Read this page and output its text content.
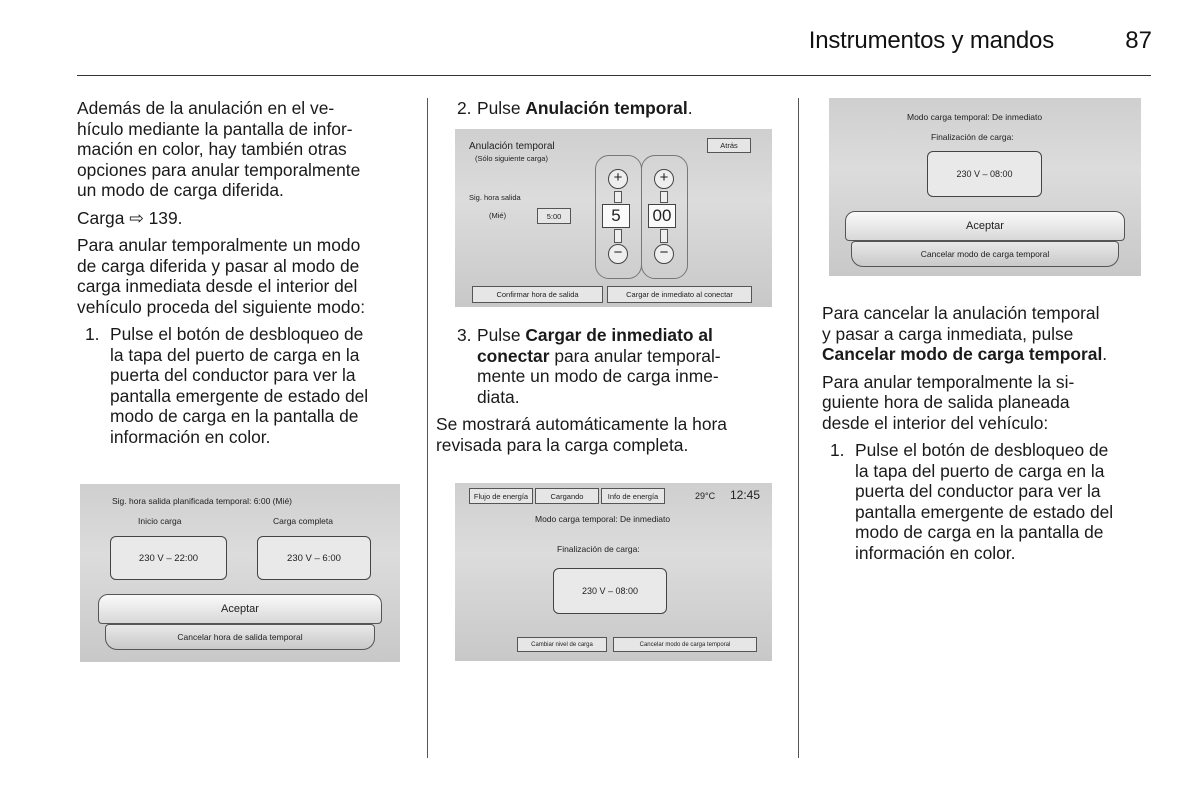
Instrumentos y mandos	87

Además de la anulación en el ve-
hículo mediante la pantalla de infor-
mación en color, hay también otras
opciones para anular temporalmente
un modo de carga diferida.

Carga ⇨ 139.

Para anular temporalmente un modo
de carga diferida y pasar al modo de
carga inmediata desde el interior del
vehículo proceda del siguiente modo:

1. Pulse el botón de desbloqueo de
la tapa del puerto de carga en la
puerta del conductor para ver la
pantalla emergente de estado del
modo de carga en la pantalla de
información en color.
Sig. hora salida planificada temporal: 6:00 (Mié)
Inicio carga	Carga completa
230 V – 22:00	230 V – 6:00
Aceptar
Cancelar hora de salida temporal
2. Pulse Anulación temporal.
Anulación temporal
(Sólo siguiente carga)
Atrás
Sig. hora salida
(Mié)	5:00
+
5
−
+
00
−
Confirmar hora de salida	Cargar de inmediato al conectar
3. Pulse Cargar de inmediato al
conectar para anular temporal-
mente un modo de carga inme-
diata.

Se mostrará automáticamente la hora
revisada para la carga completa.

Flujo de energía	Cargando	Info de energía	29°C 12:45
Modo carga temporal: De inmediato
Finalización de carga:
230 V – 08:00
Cambiar nivel de carga	Cancelar modo de carga temporal
Modo carga temporal: De inmediato
Finalización de carga:
230 V – 08:00
Aceptar
Cancelar modo de carga temporal

Para cancelar la anulación temporal
y pasar a carga inmediata, pulse
Cancelar modo de carga temporal.

Para anular temporalmente la si-
guiente hora de salida planeada
desde el interior del vehículo:

1. Pulse el botón de desbloqueo de
la tapa del puerto de carga en la
puerta del conductor para ver la
pantalla emergente de estado del
modo de carga en la pantalla de
información en color.
